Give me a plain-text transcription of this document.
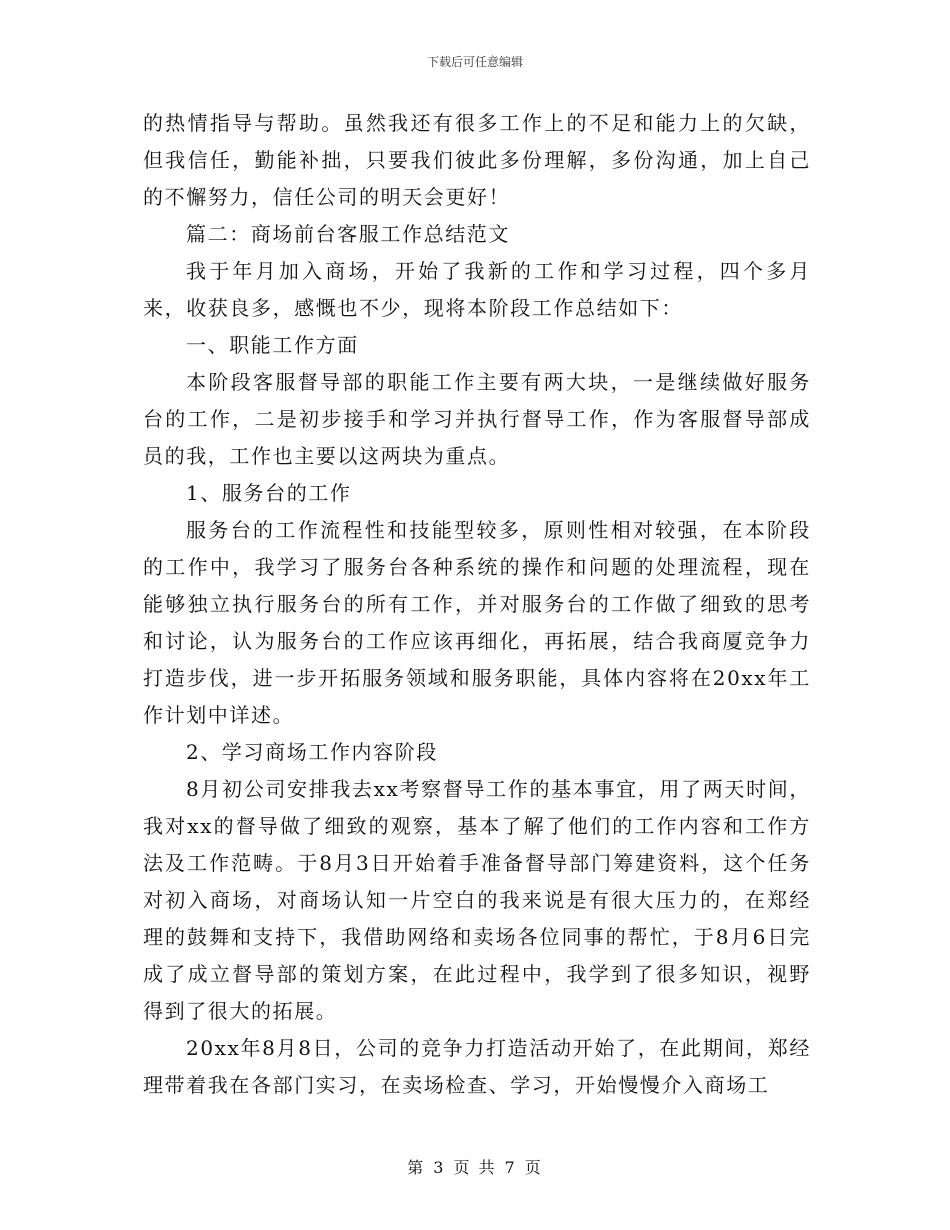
下载后可任意编辑

的热情指导与帮助。虽然我还有很多工作上的不足和能力上的欠缺，但我信任，勤能补拙，只要我们彼此多份理解，多份沟通，加上自己的不懈努力，信任公司的明天会更好！

篇二：商场前台客服工作总结范文

我于年月加入商场，开始了我新的工作和学习过程，四个多月来，收获良多，感慨也不少，现将本阶段工作总结如下：

一、职能工作方面

本阶段客服督导部的职能工作主要有两大块，一是继续做好服务台的工作，二是初步接手和学习并执行督导工作，作为客服督导部成员的我，工作也主要以这两块为重点。

1、服务台的工作

服务台的工作流程性和技能型较多，原则性相对较强，在本阶段的工作中，我学习了服务台各种系统的操作和问题的处理流程，现在能够独立执行服务台的所有工作，并对服务台的工作做了细致的思考和讨论，认为服务台的工作应该再细化，再拓展，结合我商厦竞争力打造步伐，进一步开拓服务领域和服务职能，具体内容将在20xx年工作计划中详述。

2、学习商场工作内容阶段

8月初公司安排我去xx考察督导工作的基本事宜，用了两天时间，我对xx的督导做了细致的观察，基本了解了他们的工作内容和工作方法及工作范畴。于8月3日开始着手准备督导部门筹建资料，这个任务对初入商场，对商场认知一片空白的我来说是有很大压力的，在郑经理的鼓舞和支持下，我借助网络和卖场各位同事的帮忙，于8月6日完成了成立督导部的策划方案，在此过程中，我学到了很多知识，视野得到了很大的拓展。

20xx年8月8日，公司的竞争力打造活动开始了，在此期间，郑经理带着我在各部门实习，在卖场检查、学习，开始慢慢介入商场工

第 3 页 共 7 页
